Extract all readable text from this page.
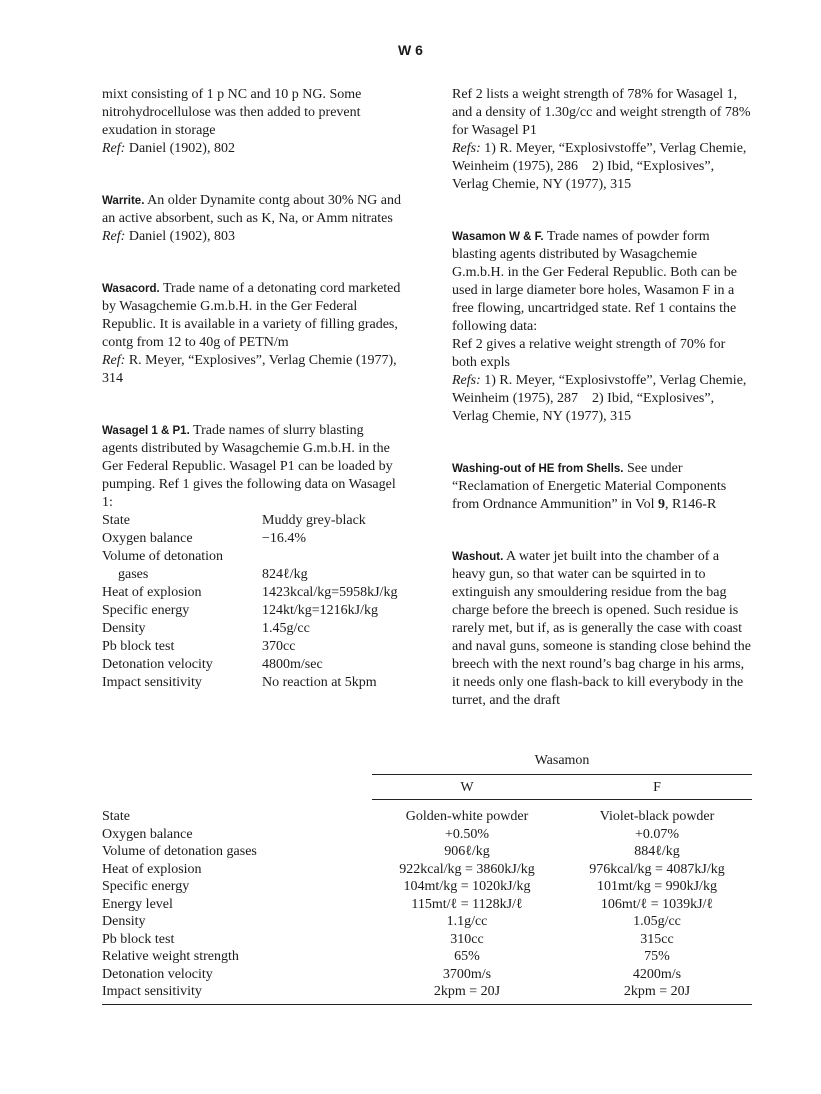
W 6

mixt consisting of 1 p NC and 10 p NG. Some nitrohydrocellulose was then added to prevent exudation in storage

Ref: Daniel (1902), 802

Warrite. An older Dynamite contg about 30% NG and an active absorbent, such as K, Na, or Amm nitrates

Ref: Daniel (1902), 803

Wasacord. Trade name of a detonating cord marketed by Wasagchemie G.m.b.H. in the Ger Federal Republic. It is available in a variety of filling grades, contg from 12 to 40g of PETN/m

Ref: R. Meyer, “Explosives”, Verlag Chemie (1977), 314

Wasagel 1 & P1. Trade names of slurry blasting agents distributed by Wasagchemie G.m.b.H. in the Ger Federal Republic. Wasagel P1 can be loaded by pumping. Ref 1 gives the following data on Wasagel 1:

State	Muddy grey-black
Oxygen balance	−16.4%
Volume of detonation	
gases	824ℓ/kg
Heat of explosion	1423kcal/kg=5958kJ/kg
Specific energy	124kt/kg=1216kJ/kg
Density	1.45g/cc
Pb block test	370cc
Detonation velocity	4800m/sec
Impact sensitivity	No reaction at 5kpm

Ref 2 lists a weight strength of 78% for Wasagel 1, and a density of 1.30g/cc and weight strength of 78% for Wasagel P1

Refs: 1) R. Meyer, “Explosivstoffe”, Verlag Chemie, Weinheim (1975), 286 2) Ibid, “Explosives”, Verlag Chemie, NY (1977), 315

Wasamon W & F. Trade names of powder form blasting agents distributed by Wasagchemie G.m.b.H. in the Ger Federal Republic. Both can be used in large diameter bore holes, Wasamon F in a free flowing, uncartridged state. Ref 1 contains the following data:

Ref 2 gives a relative weight strength of 70% for both expls

Refs: 1) R. Meyer, “Explosivstoffe”, Verlag Chemie, Weinheim (1975), 287 2) Ibid, “Explosives”, Verlag Chemie, NY (1977), 315

Washing-out of HE from Shells. See under “Reclamation of Energetic Material Components from Ordnance Ammunition” in Vol 9, R146-R

Washout. A water jet built into the chamber of a heavy gun, so that water can be squirted in to extinguish any smouldering residue from the bag charge before the breech is opened. Such residue is rarely met, but if, as is generally the case with coast and naval guns, someone is standing close behind the breech with the next round’s bag charge in his arms, it needs only one flash-back to kill everybody in the turret, and the draft

Wasamon
	W	F

State	Golden-white powder	Violet-black powder
Oxygen balance	+0.50%	+0.07%
Volume of detonation gases	906ℓ/kg	884ℓ/kg
Heat of explosion	922kcal/kg = 3860kJ/kg	976kcal/kg = 4087kJ/kg
Specific energy	104mt/kg = 1020kJ/kg	101mt/kg = 990kJ/kg
Energy level	115mt/ℓ = 1128kJ/ℓ	106mt/ℓ = 1039kJ/ℓ
Density	1.1g/cc	1.05g/cc
Pb block test	310cc	315cc
Relative weight strength	65%	75%
Detonation velocity	3700m/s	4200m/s
Impact sensitivity	2kpm = 20J	2kpm = 20J
